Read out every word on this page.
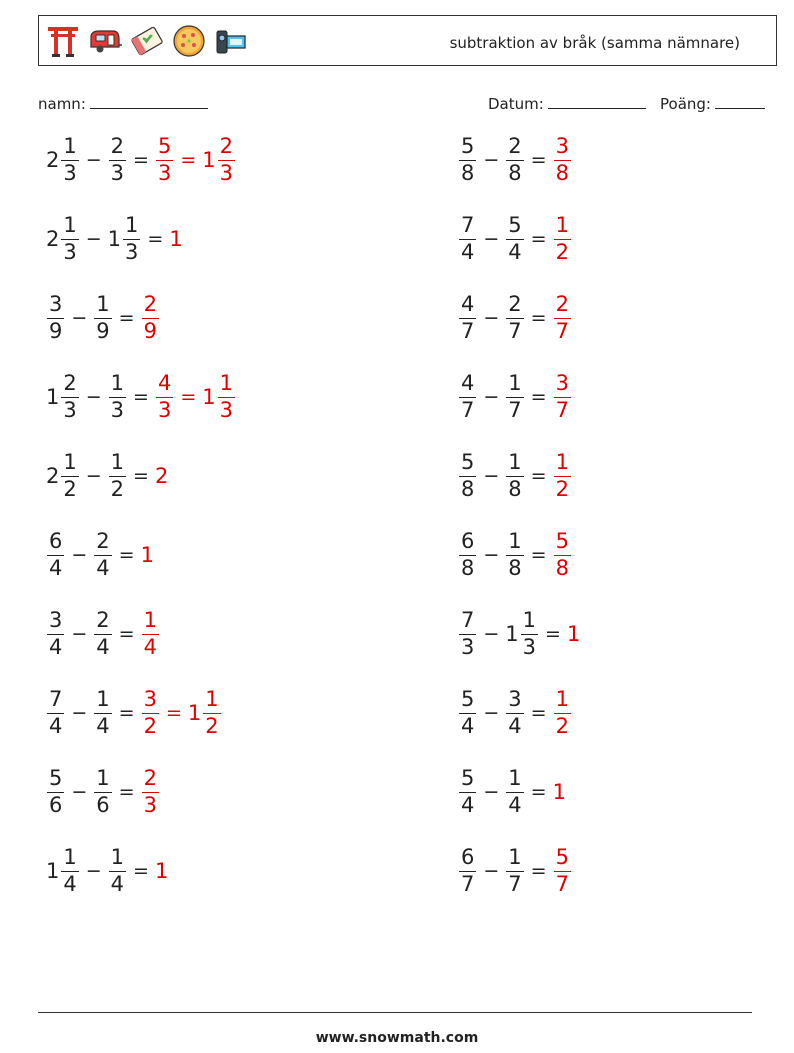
subtraktion av bråk (samma nämnare)
namn:	Datum:	Poäng:
$2 \frac{1}{3} - \frac{2}{3} = \frac{5}{3} = 1 \frac{2}{3}$	$\frac{5}{8} - \frac{2}{8} = \frac{3}{8}$
$2 \frac{1}{3} - 1 \frac{1}{3} = 1$	$\frac{7}{4} - \frac{5}{4} = \frac{1}{2}$
$\frac{3}{9} - \frac{1}{9} = \frac{2}{9}$	$\frac{4}{7} - \frac{2}{7} = \frac{2}{7}$
$1 \frac{2}{3} - \frac{1}{3} = \frac{4}{3} = 1 \frac{1}{3}$	$\frac{4}{7} - \frac{1}{7} = \frac{3}{7}$
$2 \frac{1}{2} - \frac{1}{2} = 2$	$\frac{5}{8} - \frac{1}{8} = \frac{1}{2}$
$\frac{6}{4} - \frac{2}{4} = 1$	$\frac{6}{8} - \frac{1}{8} = \frac{5}{8}$
$\frac{3}{4} - \frac{2}{4} = \frac{1}{4}$	$\frac{7}{3} - 1 \frac{1}{3} = 1$
$\frac{7}{4} - \frac{1}{4} = \frac{3}{2} = 1 \frac{1}{2}$	$\frac{5}{4} - \frac{3}{4} = \frac{1}{2}$
$\frac{5}{6} - \frac{1}{6} = \frac{2}{3}$	$\frac{5}{4} - \frac{1}{4} = 1$
$1 \frac{1}{4} - \frac{1}{4} = 1$	$\frac{6}{7} - \frac{1}{7} = \frac{5}{7}$
www.snowmath.com
